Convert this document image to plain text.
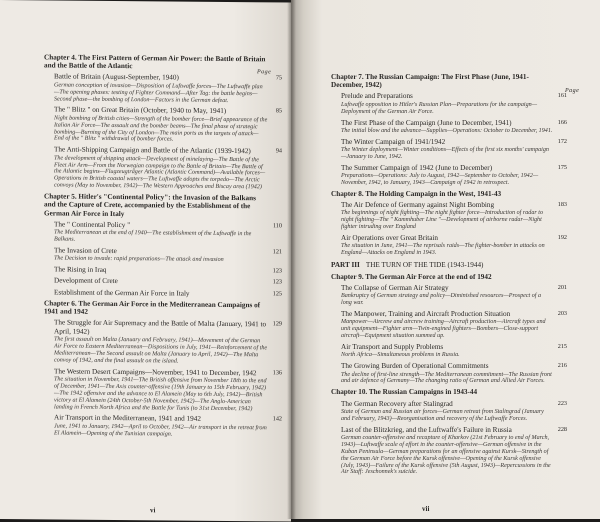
Page
Chapter 4. The First Pattern of German Air Power: the Battle of Britain and the Battle of the Atlantic
Battle of Britain (August-September, 1940)	75
German conception of invasion—Disposition of Luftwaffe forces—The Luftwaffe plan—The opening phases: testing of Fighter Command—After Tag: the battle begins—Second phase—the bombing of London—Factors in the German defeat.
The " Blitz " on Great Britain (October, 1940 to May, 1941)	85
Night bombing of British cities—Strength of the bomber force—Brief appearance of the Italian Air Force—The assault and the bomber beams—The final phase of strategic bombing—Burning of the City of London—The main ports as the targets of attack—End of the " Blitz " withdrawal of bomber forces.
The Anti-Shipping Campaign and Battle of the Atlantic (1939-1942)	94
The development of shipping attack—Development of minelaying—The Battle of the Fleet Air Arm—From the Norwegian campaign to the Battle of Britain—The Battle of the Atlantic begins—Flugzeugträger Atlantic (Atlantic Command)—Available forces—Operations in British coastal waters—The Luftwaffe adopts the torpedo—The Arctic convoys (May to November, 1942)—The Western Approaches and Biscay area (1942)
Chapter 5. Hitler's "Continental Policy": the Invasion of the Balkans and the Capture of Crete, accompanied by the Establishment of the German Air Force in Italy
The " Continental Policy "	110
The Mediterranean at the end of 1940—The establishment of the Luftwaffe in the Balkans.
The Invasion of Crete	121
The Decision to invade: rapid preparations—The attack and invasion
The Rising in Iraq	123
Development of Crete	123
Establishment of the German Air Force in Italy	125
Chapter 6. The German Air Force in the Mediterranean Campaigns of 1941 and 1942
The Struggle for Air Supremacy and the Battle of Malta (January, 1941 to April, 1942)
129
The first assault on Malta (January and February, 1941)—Movement of the German Air Force to Eastern Mediterranean—Dispositions in July, 1941—Reinforcement of the Mediterranean—The Second assault on Malta (January to April, 1942)—The Malta convoy of 1942, and the final assault on the island.
The Western Desert Campaigns—November, 1941 to December, 1942	136
The situation in November, 1941—The British offensive from November 18th to the end of December, 1941—The Axis counter-offensive (19th January to 15th February, 1942)—The 1942 offensive and the advance to El Alamein (May to 6th July, 1942)—British victory at El Alamein (24th October-5th November, 1942)—The Anglo-American landing in French North Africa and the Battle for Tunis (to 31st December, 1942)
Air Transport in the Mediterranean, 1941 and 1942	142
June, 1941 to January, 1942—April to October, 1942—Air transport in the retreat from El Alamein—Opening of the Tunisian campaign.
vi
Page
Chapter 7. The Russian Campaign: The First Phase (June, 1941-December, 1942)
Prelude and Preparations	161
Luftwaffe opposition to Hitler's Russian Plan—Preparations for the campaign—Deployment of the German Air Force.
The First Phase of the Campaign (June to December, 1941)	166
The initial blow and the advance—Supplies—Operations: October to December, 1941.
The Winter Campaign of 1941/1942	172
The Winter deployment—Winter conditions—Effects of the first six months' campaign—January to June, 1942.
The Summer Campaign of 1942 (June to December)	175
Preparations—Operations: July to August, 1942—September to October, 1942—November, 1942, to January, 1943—Campaign of 1942 in retrospect.
Chapter 8. The Holding Campaign in the West, 1941-43
The Air Defence of Germany against Night Bombing	183
The beginnings of night fighting—The night fighter force—Introduction of radar to night fighting—The " Kammhuber Line "—Development of airborne radar—Night fighter intruding over England
Air Operations over Great Britain	192
The situation in June, 1941—The reprisals raids—The fighter-bomber in attacks on England—Attacks on England in 1943.
PART III THE TURN OF THE TIDE (1943-1944)
Chapter 9. The German Air Force at the end of 1942
The Collapse of German Air Strategy	201
Bankruptcy of German strategy and policy—Diminished resources—Prospect of a long war.
The Manpower, Training and Aircraft Production Situation	203
Manpower—Aircrew and aircrew training—Aircraft production—Aircraft types and unit equipment—Fighter arm—Twin-engined fighters—Bombers—Close-support aircraft—Equipment situation summed up.
Air Transport and Supply Problems	215
North Africa—Simultaneous problems in Russia.
The Growing Burden of Operational Commitments	216
The decline of first-line strength—The Mediterranean commitment—The Russian front and air defence of Germany—The changing ratio of German and Allied Air Forces.
Chapter 10. The Russian Campaigns in 1943-44
The German Recovery after Stalingrad	223
State of German and Russian air forces—German retreat from Stalingrad (January and February, 1943)—Reorganisation and recovery of the Luftwaffe Forces.
Last of the Blitzkrieg, and the Luftwaffe's Failure in Russia	228
German counter-offensive and recapture of Kharkov (21st February to end of March, 1943)—Luftwaffe scale of effort in the counter-offensive—German offensive in the Kuban Peninsula—German preparations for an offensive against Kursk—Strength of the German Air Force before the Kursk offensive—Opening of the Kursk offensive (July, 1943)—Failure of the Kursk offensive (5th August, 1943)—Repercussions in the Air Staff: Jeschonnek's suicide.
vii
